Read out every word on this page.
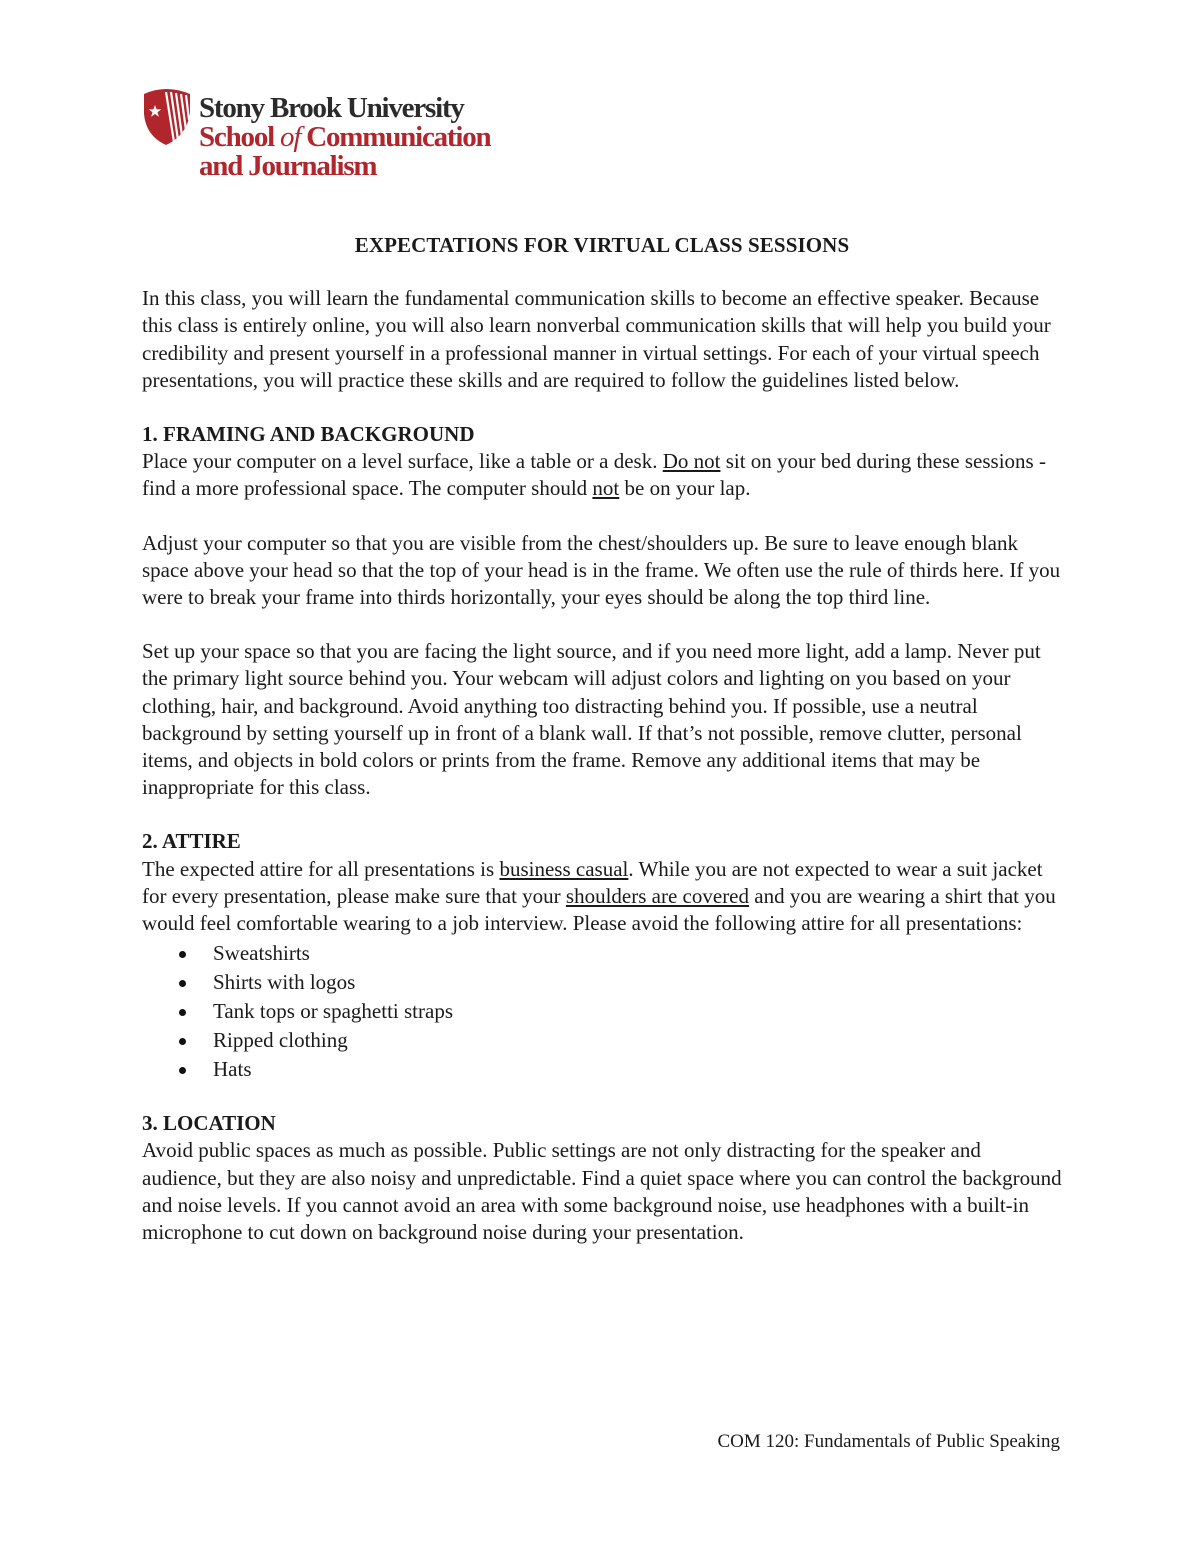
Stony Brook University
School of Communication
and Journalism

EXPECTATIONS FOR VIRTUAL CLASS SESSIONS

In this class, you will learn the fundamental communication skills to become an effective speaker. Because this class is entirely online, you will also learn nonverbal communication skills that will help you build your credibility and present yourself in a professional manner in virtual settings. For each of your virtual speech presentations, you will practice these skills and are required to follow the guidelines listed below.

1. FRAMING AND BACKGROUND

Place your computer on a level surface, like a table or a desk. Do not sit on your bed during these sessions - find a more professional space. The computer should not be on your lap.

Adjust your computer so that you are visible from the chest/shoulders up. Be sure to leave enough blank space above your head so that the top of your head is in the frame. We often use the rule of thirds here. If you were to break your frame into thirds horizontally, your eyes should be along the top third line.

Set up your space so that you are facing the light source, and if you need more light, add a lamp. Never put the primary light source behind you. Your webcam will adjust colors and lighting on you based on your clothing, hair, and background. Avoid anything too distracting behind you. If possible, use a neutral background by setting yourself up in front of a blank wall. If that’s not possible, remove clutter, personal items, and objects in bold colors or prints from the frame. Remove any additional items that may be inappropriate for this class.

2. ATTIRE

The expected attire for all presentations is business casual. While you are not expected to wear a suit jacket for every presentation, please make sure that your shoulders are covered and you are wearing a shirt that you would feel comfortable wearing to a job interview. Please avoid the following attire for all presentations:

Sweatshirts
Shirts with logos
Tank tops or spaghetti straps
Ripped clothing
Hats

3. LOCATION

Avoid public spaces as much as possible. Public settings are not only distracting for the speaker and audience, but they are also noisy and unpredictable. Find a quiet space where you can control the background and noise levels. If you cannot avoid an area with some background noise, use headphones with a built-in microphone to cut down on background noise during your presentation.

COM 120: Fundamentals of Public Speaking
